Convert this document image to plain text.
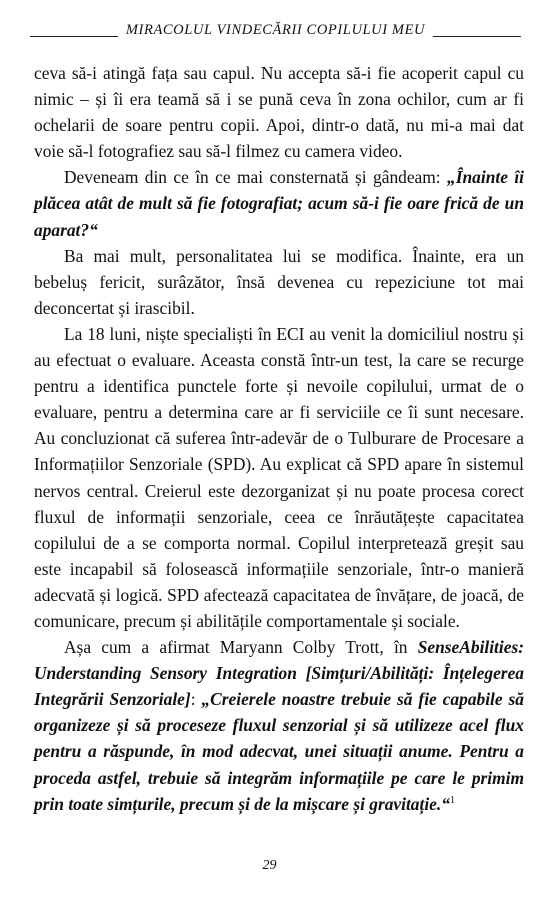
MIRACOLUL VINDECĂRII COPILULUI MEU

ceva să-i atingă fața sau capul. Nu accepta să-i fie acoperit capul cu nimic – și îi era teamă să i se pună ceva în zona ochilor, cum ar fi ochelarii de soare pentru copii. Apoi, dintr-o dată, nu mi-a mai dat voie să-l fotografiez sau să-l filmez cu camera video.

Deveneam din ce în ce mai consternată și gândeam: „Înainte îi plăcea atât de mult să fie fotografiat; acum să-i fie oare frică de un aparat?“

Ba mai mult, personalitatea lui se modifica. Înainte, era un bebeluș fericit, surâzător, însă devenea cu repeziciune tot mai deconcertat și irascibil.

La 18 luni, niște specialiști în ECI au venit la domiciliul nostru și au efectuat o evaluare. Aceasta constă într-un test, la care se recurge pentru a identifica punctele forte și nevoile copilului, urmat de o evaluare, pentru a determina care ar fi serviciile ce îi sunt necesare. Au concluzionat că suferea într-adevăr de o Tulburare de Procesare a Informațiilor Senzoriale (SPD). Au explicat că SPD apare în sistemul nervos central. Creierul este dezorganizat și nu poate procesa corect fluxul de informații senzoriale, ceea ce înrăutățește capacitatea copilului de a se comporta normal. Copilul interpretează greșit sau este incapabil să folosească informațiile senzoriale, într-o manieră adecvată și logică. SPD afectează capacitatea de învățare, de joacă, de comunicare, precum și abilitățile comportamentale și sociale.

Așa cum a afirmat Maryann Colby Trott, în SenseAbilities: Understanding Sensory Integration [Simțuri/Abilități: Înțelegerea Integrării Senzoriale]: „Creierele noastre trebuie să fie capabile să organizeze și să proceseze fluxul senzorial și să utilizeze acel flux pentru a răspunde, în mod adecvat, unei situații anume. Pentru a proceda astfel, trebuie să integrăm informațiile pe care le primim prin toate simțurile, precum și de la mișcare și gravitație.“$^1$

29
